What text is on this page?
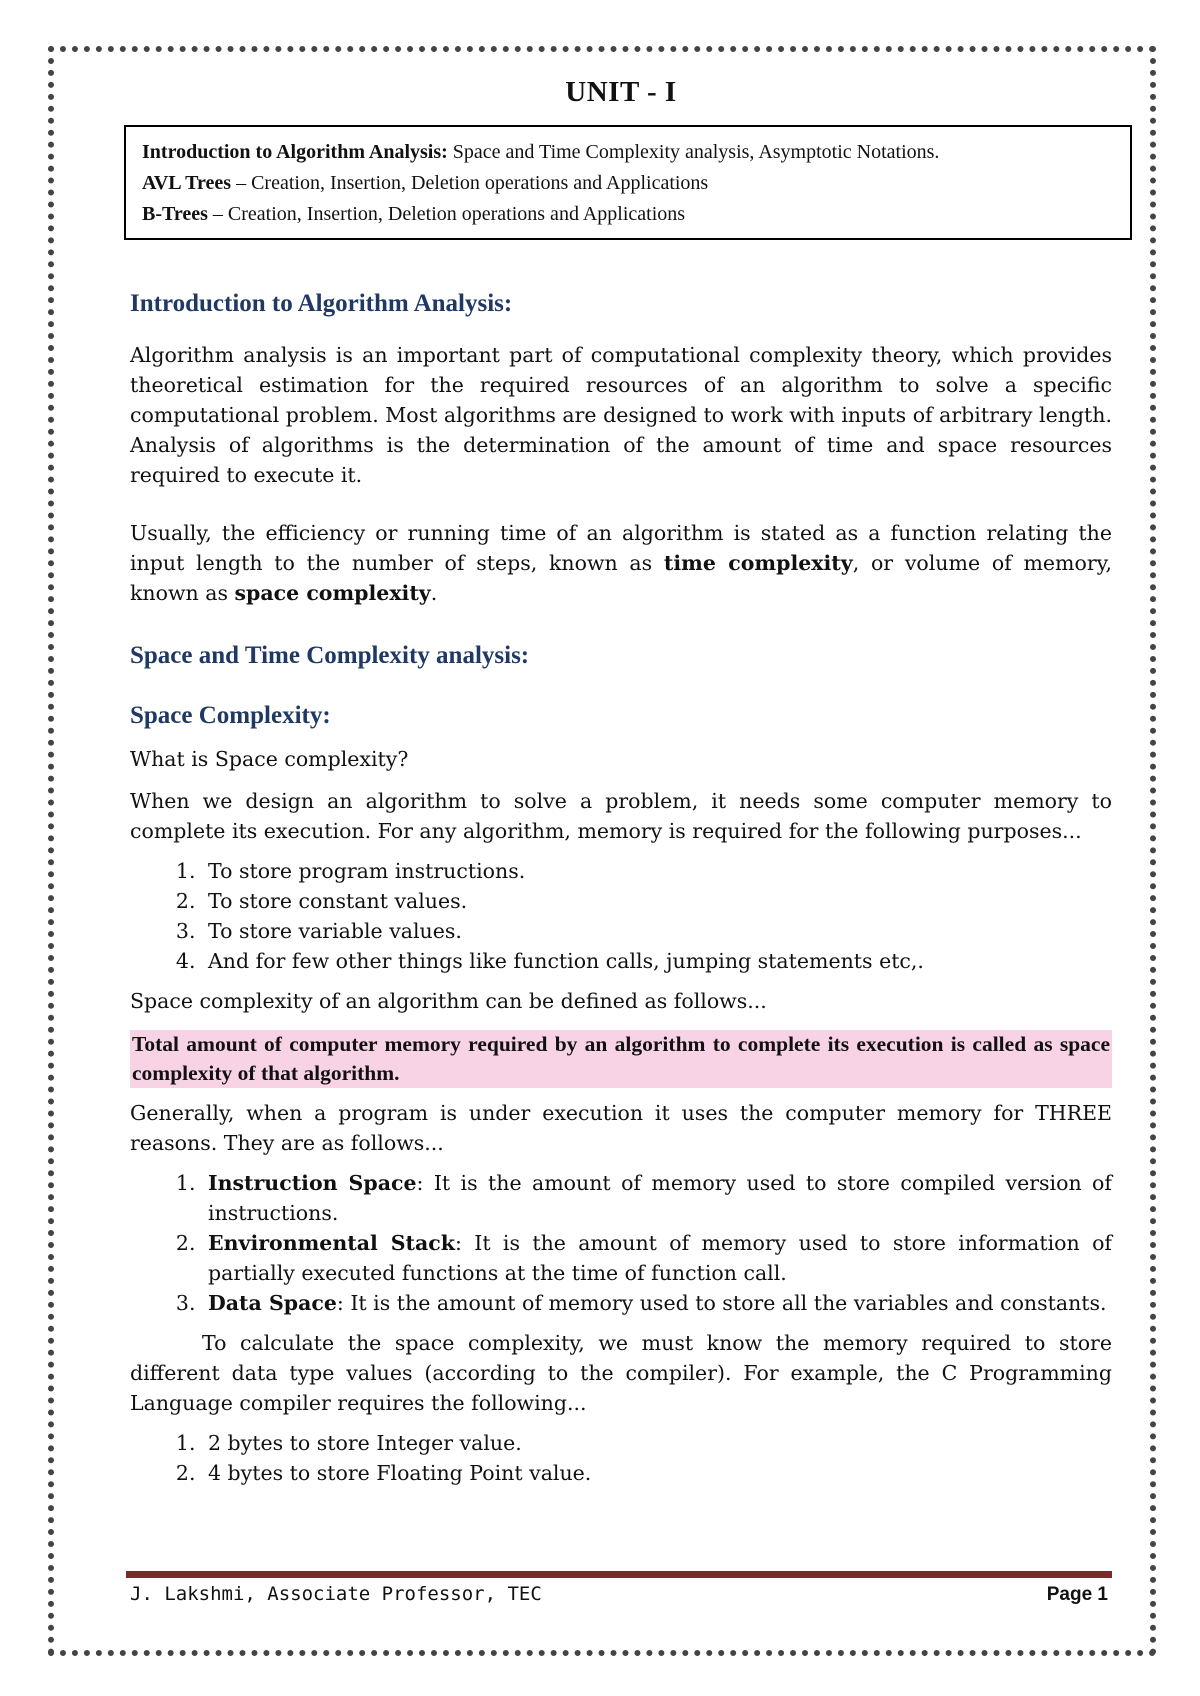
UNIT - I
Introduction to Algorithm Analysis: Space and Time Complexity analysis, Asymptotic Notations.
AVL Trees – Creation, Insertion, Deletion operations and Applications
B-Trees – Creation, Insertion, Deletion operations and Applications
Introduction to Algorithm Analysis:

Algorithm analysis is an important part of computational complexity theory, which provides theoretical estimation for the required resources of an algorithm to solve a specific computational problem. Most algorithms are designed to work with inputs of arbitrary length. Analysis of algorithms is the determination of the amount of time and space resources required to execute it.

Usually, the efficiency or running time of an algorithm is stated as a function relating the input length to the number of steps, known as time complexity, or volume of memory, known as space complexity.

Space and Time Complexity analysis:
Space Complexity:

What is Space complexity?

When we design an algorithm to solve a problem, it needs some computer memory to complete its execution. For any algorithm, memory is required for the following purposes...

1. To store program instructions.
2. To store constant values.
3. To store variable values.
4. And for few other things like function calls, jumping statements etc,.

Space complexity of an algorithm can be defined as follows...

Total amount of computer memory required by an algorithm to complete its execution is called as space complexity of that algorithm.

Generally, when a program is under execution it uses the computer memory for THREE reasons. They are as follows...

1. Instruction Space: It is the amount of memory used to store compiled version of instructions.
2. Environmental Stack: It is the amount of memory used to store information of partially executed functions at the time of function call.
3. Data Space: It is the amount of memory used to store all the variables and constants.

To calculate the space complexity, we must know the memory required to store different data type values (according to the compiler). For example, the C Programming Language compiler requires the following...

1. 2 bytes to store Integer value.
2. 4 bytes to store Floating Point value.
J. Lakshmi, Associate Professor, TEC	Page 1
